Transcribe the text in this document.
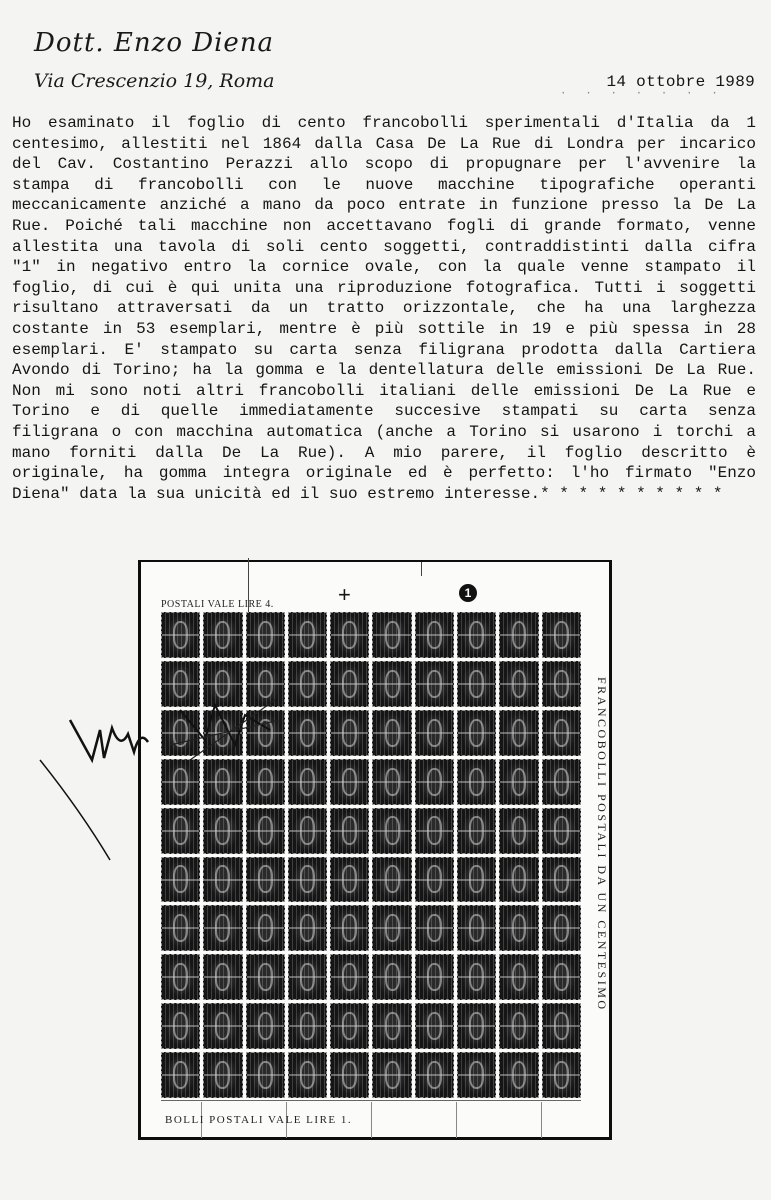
Dott. Enzo Diena
Via Crescenzio 19, Roma	14 ottobre 1989
· · · · · · ·
Ho esaminato il foglio di cento francobolli sperimentali d'Italia da 1
centesimo, allestiti nel 1864 dalla Casa De La Rue di Londra per incarico
del Cav. Costantino Perazzi allo scopo di propugnare per l'avvenire la
stampa di francobolli con le nuove macchine tipografiche operanti
meccanicamente anziché a mano da poco entrate in funzione presso la De La
Rue. Poiché tali macchine non accettavano fogli di grande formato, venne
allestita una tavola di soli cento soggetti, contraddistinti dalla cifra
"1" in negativo entro la cornice ovale, con la quale venne stampato il
foglio, di cui è qui unita una riproduzione fotografica. Tutti i soggetti
risultano attraversati da un tratto orizzontale, che ha una larghezza
costante in 53 esemplari, mentre è più sottile in 19 e più spessa in 28
esemplari. E' stampato su carta senza filigrana prodotta dalla Cartiera
Avondo di Torino; ha la gomma e la dentellatura delle emissioni De La Rue.
Non mi sono noti altri francobolli italiani delle emissioni De La Rue e
Torino e di quelle immediatamente succesive stampati su carta senza
filigrana o con macchina automatica (anche a Torino si usarono i torchi a
mano forniti dalla De La Rue). A mio parere, il foglio descritto è
originale, ha gomma integra originale ed è perfetto: l'ho firmato "Enzo
Diena" data la sua unicità ed il suo estremo interesse.* * * * * * * * * *
+
POSTALI VALE LIRE 4.
1
FRANCOBOLLI POSTALI DA UN CENTESIMO
BOLLI POSTALI VALE LIRE 1.
